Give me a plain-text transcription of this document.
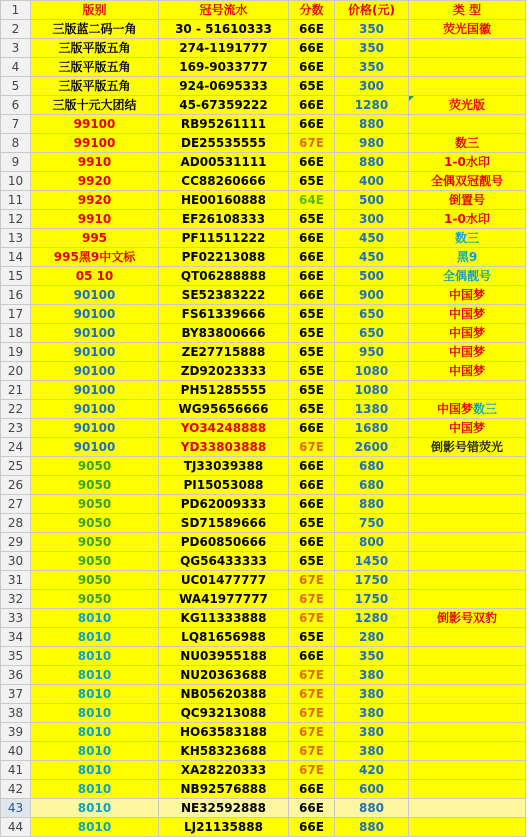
1	版别	冠号流水	分数	价格(元)	类 型
2	三版蓝二码一角	30 - 51610333	66E	350	荧光国徽
3	三版平版五角	274-1191777	66E	350	
4	三版平版五角	169-9033777	66E	350	
5	三版平版五角	924-0695333	65E	300	
6	三版十元大团结	45-67359222	66E	1280	荧光版
7	99100	RB95261111	66E	880	
8	99100	DE25535555	67E	980	数三
9	9910	AD00531111	66E	880	1-0水印
10	9920	CC88260666	65E	400	全偶双冠靓号
11	9920	HE00160888	64E	500	倒置号
12	9910	EF26108333	65E	300	1-0水印
13	995	PF11511222	66E	450	数三
14	995黑9中文标	PF02213088	66E	450	黑9
15	05 10	QT06288888	66E	500	全偶靓号
16	90100	SE52383222	66E	900	中国梦
17	90100	FS61339666	65E	650	中国梦
18	90100	BY83800666	65E	650	中国梦
19	90100	ZE27715888	65E	950	中国梦
20	90100	ZD92023333	65E	1080	中国梦
21	90100	PH51285555	65E	1080	
22	90100	WG95656666	65E	1380	中国梦数三
23	90100	YO34248888	66E	1680	中国梦
24	90100	YD33803888	67E	2600	倒影号错荧光
25	9050	TJ33039388	66E	680	
26	9050	PI15053088	66E	680	
27	9050	PD62009333	66E	880	
28	9050	SD71589666	65E	750	
29	9050	PD60850666	66E	800	
30	9050	QG56433333	65E	1450	
31	9050	UC01477777	67E	1750	
32	9050	WA41977777	67E	1750	
33	8010	KG11333888	67E	1280	倒影号双豹
34	8010	LQ81656988	65E	280	
35	8010	NU03955188	66E	350	
36	8010	NU20363688	67E	380	
37	8010	NB05620388	67E	380	
38	8010	QC93213088	67E	380	
39	8010	HO63583188	67E	380	
40	8010	KH58323688	67E	380	
41	8010	XA28220333	67E	420	
42	8010	NB92576888	66E	600	
43	8010	NE32592888	66E	880	
44	8010	LJ21135888	66E	880	
